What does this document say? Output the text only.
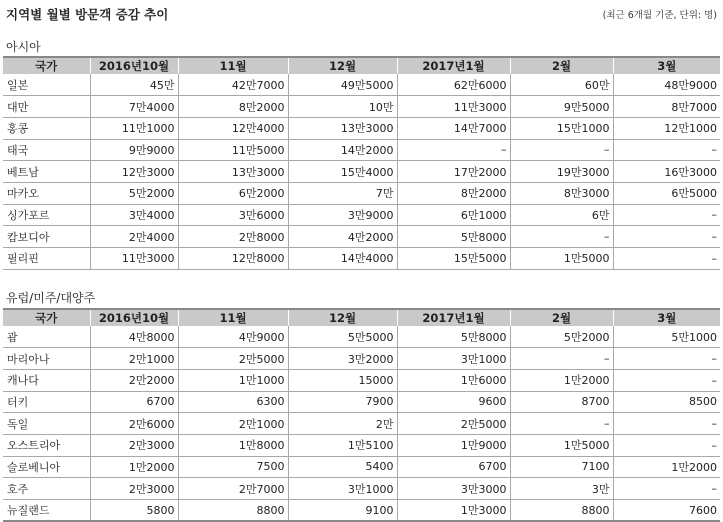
지역별 월별 방문객 증감 추이	(최근 6개월 기준, 단위: 명)
아시아
국가	2016년10월	11월	12월	2017년1월	2월	3월
일본	45만	42만7000	49만5000	62만6000	60만	48만9000
대만	7만4000	8만2000	10만	11만3000	9만5000	8만7000
홍콩	11만1000	12만4000	13만3000	14만7000	15만1000	12만1000
태국	9만9000	11만5000	14만2000	–	–	–
베트남	12만3000	13만3000	15만4000	17만2000	19만3000	16만3000
마카오	5만2000	6만2000	7만	8만2000	8만3000	6만5000
싱가포르	3만4000	3만6000	3만9000	6만1000	6만	–
캄보디아	2만4000	2만8000	4만2000	5만8000	–	–
필리핀	11만3000	12만8000	14만4000	15만5000	1만5000	–
유럽/미주/대양주
국가	2016년10월	11월	12월	2017년1월	2월	3월
괌	4만8000	4만9000	5만5000	5만8000	5만2000	5만1000
마리아나	2만1000	2만5000	3만2000	3만1000	–	–
캐나다	2만2000	1만1000	15000	1만6000	1만2000	–
터키	6700	6300	7900	9600	8700	8500
독일	2만6000	2만1000	2만	2만5000	–	–
오스트리아	2만3000	1만8000	1만5100	1만9000	1만5000	–
슬로베니아	1만2000	7500	5400	6700	7100	1만2000
호주	2만3000	2만7000	3만1000	3만3000	3만	–
뉴질랜드	5800	8800	9100	1만3000	8800	7600
